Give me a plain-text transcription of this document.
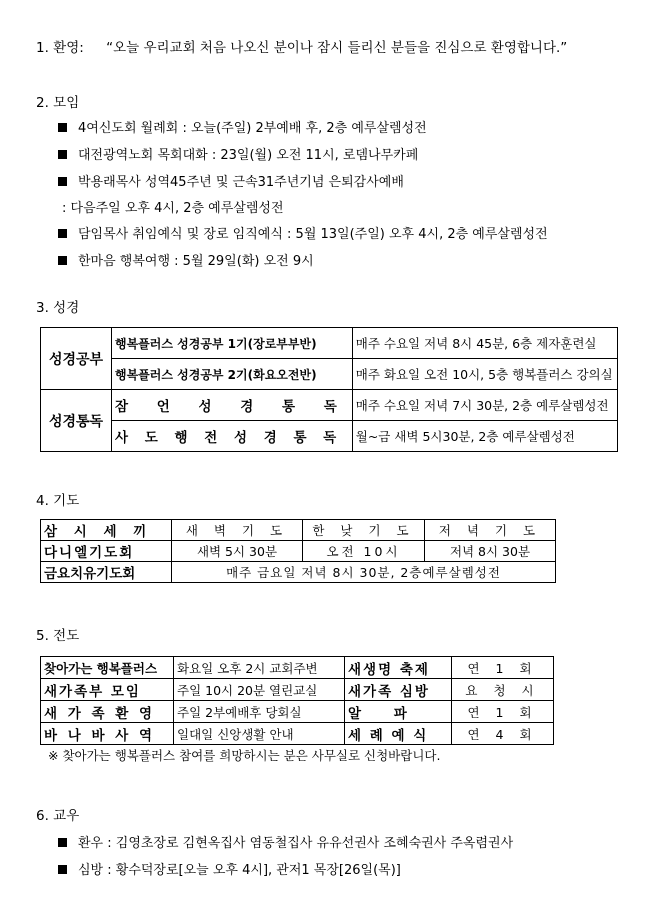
1. 환영: “오늘 우리교회 처음 나오신 분이나 잠시 들리신 분들을 진심으로 환영합니다.”
2. 모임
4여신도회 월례회 : 오늘(주일) 2부예배 후, 2층 예루살렘성전
대전광역노회 목회대화 : 23일(월) 오전 11시, 로뎀나무카페
박용래목사 성역45주년 및 근속31주년기념 은퇴감사예배
: 다음주일 오후 4시, 2층 예루살렘성전
담임목사 취임예식 및 장로 임직예식 : 5월 13일(주일) 오후 4시, 2층 예루살렘성전
한마음 행복여행 : 5월 29일(화) 오전 9시
3. 성경
성경공부	행복플러스 성경공부 1기(장로부부반)	매주 수요일 저녁 8시 45분, 6층 제자훈련실
	행복플러스 성경공부 2기(화요오전반)	매주 화요일 오전 10시, 5층 행복플러스 강의실
성경통독	잠 언 성 경 통 독	매주 수요일 저녁 7시 30분, 2층 예루살렘성전
	사 도 행 전 성 경 통 독	월~금 새벽 5시30분, 2층 예루살렘성전
4. 기도
삼 시 세 끼	새 벽 기 도	한 낮 기 도	저 녁 기 도
다니엘기도회	새벽 5시 30분	오전 10시	저녁 8시 30분
금요치유기도회	매주 금요일 저녁 8시 30분, 2층예루살렘성전		
5. 전도
찾아가는 행복플러스	화요일 오후 2시 교회주변	새생명 축제	연 1 회
새가족부 모임	주일 10시 20분 열린교실	새가족 심방	요 청 시
새 가 족 환 영	주일 2부예배후 당회실	알 파	연 1 회
바 나 바 사 역	일대일 신앙생활 안내	세 례 예 식	연 4 회
※ 찾아가는 행복플러스 참여를 희망하시는 분은 사무실로 신청바랍니다.
6. 교우
환우 : 김영초장로 김현옥집사 염동철집사 유유선권사 조혜숙권사 주옥렴권사
심방 : 황수덕장로[오늘 오후 4시], 관저1 목장[26일(목)]
